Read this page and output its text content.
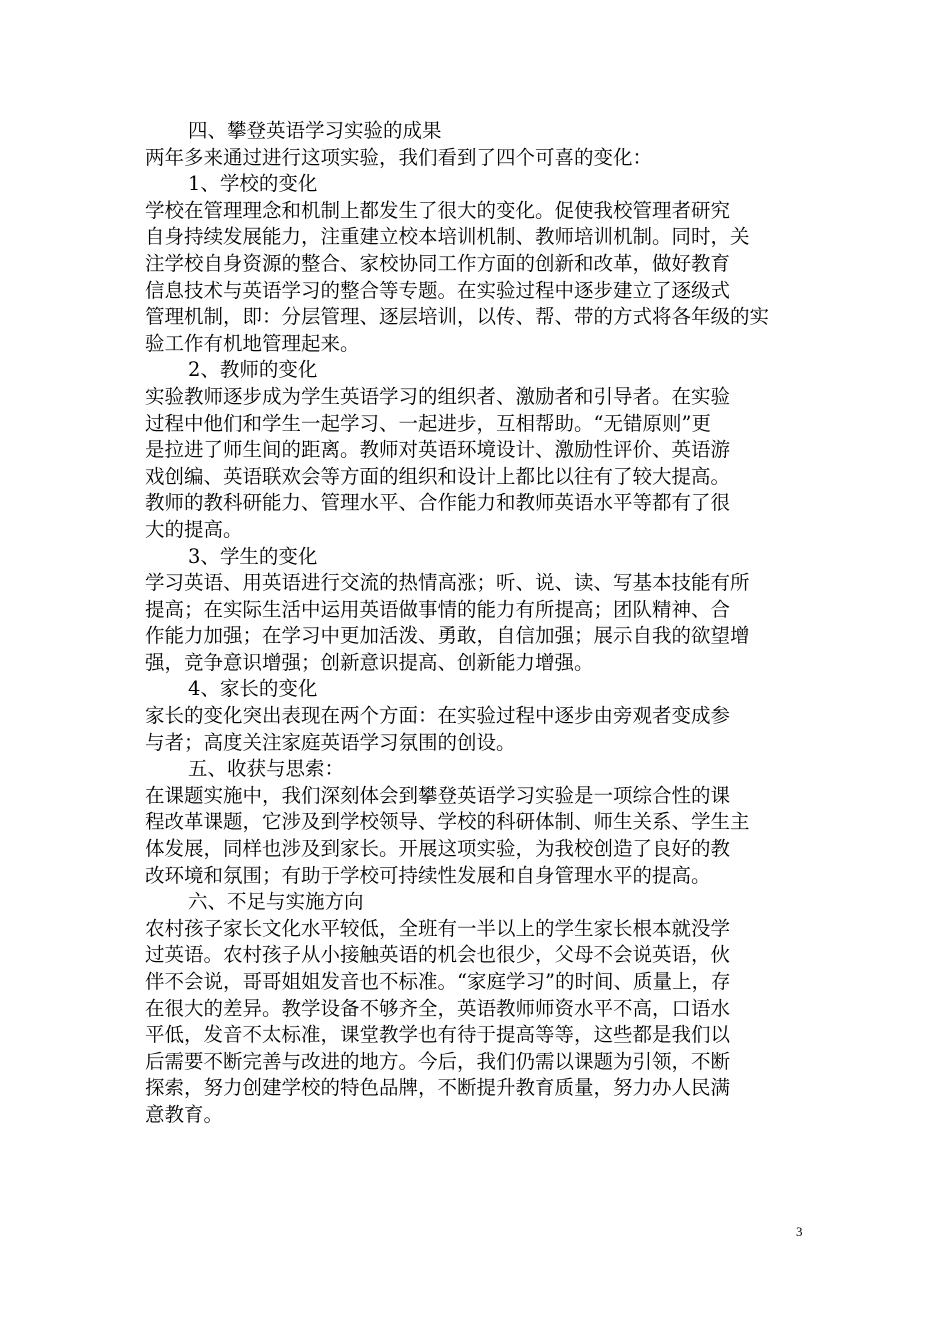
四、攀登英语学习实验的成果
两年多来通过进行这项实验，我们看到了四个可喜的变化：
1、学校的变化
学校在管理理念和机制上都发生了很大的变化。促使我校管理者研究
自身持续发展能力，注重建立校本培训机制、教师培训机制。同时，关
注学校自身资源的整合、家校协同工作方面的创新和改革，做好教育
信息技术与英语学习的整合等专题。在实验过程中逐步建立了逐级式
管理机制，即：分层管理、逐层培训，以传、帮、带的方式将各年级的实
验工作有机地管理起来。
2、教师的变化
实验教师逐步成为学生英语学习的组织者、激励者和引导者。在实验
过程中他们和学生一起学习、一起进步，互相帮助。“无错原则”更
是拉进了师生间的距离。教师对英语环境设计、激励性评价、英语游
戏创编、英语联欢会等方面的组织和设计上都比以往有了较大提高。
教师的教科研能力、管理水平、合作能力和教师英语水平等都有了很
大的提高。
3、学生的变化
学习英语、用英语进行交流的热情高涨；听、说、读、写基本技能有所
提高；在实际生活中运用英语做事情的能力有所提高；团队精神、合
作能力加强；在学习中更加活泼、勇敢，自信加强；展示自我的欲望增
强，竞争意识增强；创新意识提高、创新能力增强。
4、家长的变化
家长的变化突出表现在两个方面：在实验过程中逐步由旁观者变成参
与者；高度关注家庭英语学习氛围的创设。
五、收获与思索：
在课题实施中，我们深刻体会到攀登英语学习实验是一项综合性的课
程改革课题，它涉及到学校领导、学校的科研体制、师生关系、学生主
体发展，同样也涉及到家长。开展这项实验，为我校创造了良好的教
改环境和氛围；有助于学校可持续性发展和自身管理水平的提高。
六、不足与实施方向
农村孩子家长文化水平较低，全班有一半以上的学生家长根本就没学
过英语。农村孩子从小接触英语的机会也很少，父母不会说英语，伙
伴不会说，哥哥姐姐发音也不标准。“家庭学习”的时间、质量上，存
在很大的差异。教学设备不够齐全，英语教师师资水平不高，口语水
平低，发音不太标准，课堂教学也有待于提高等等，这些都是我们以
后需要不断完善与改进的地方。今后，我们仍需以课题为引领，不断
探索，努力创建学校的特色品牌，不断提升教育质量，努力办人民满
意教育。
3
